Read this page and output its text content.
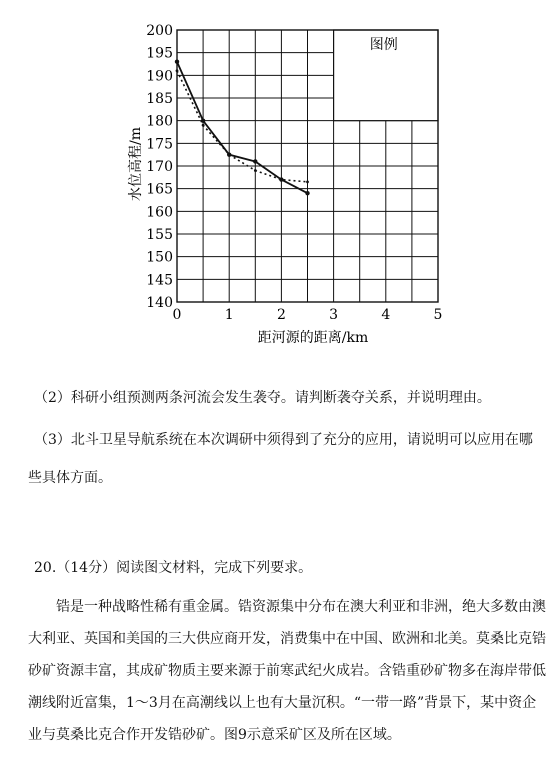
图例
140
145
150
155
160
165
170
175
180
185
190
195
200
0	1	2	3	4	5
距河源的距离/km
水位高程/m
（2）科研小组预测两条河流会发生袭夺。请判断袭夺关系，并说明理由。
（3）北斗卫星导航系统在本次调研中须得到了充分的应用，请说明可以应用在哪
些具体方面。
20.（14分）阅读图文材料，完成下列要求。
锆是一种战略性稀有重金属。锆资源集中分布在澳大利亚和非洲，绝大多数由澳大利亚、英国和美国的三大供应商开发，消费集中在中国、欧洲和北美。莫桑比克锆砂矿资源丰富，其成矿物质主要来源于前寒武纪火成岩。含锆重砂矿物多在海岸带低潮线附近富集，1～3月在高潮线以上也有大量沉积。“一带一路”背景下，某中资企业与莫桑比克合作开发锆砂矿。图9示意采矿区及所在区域。
